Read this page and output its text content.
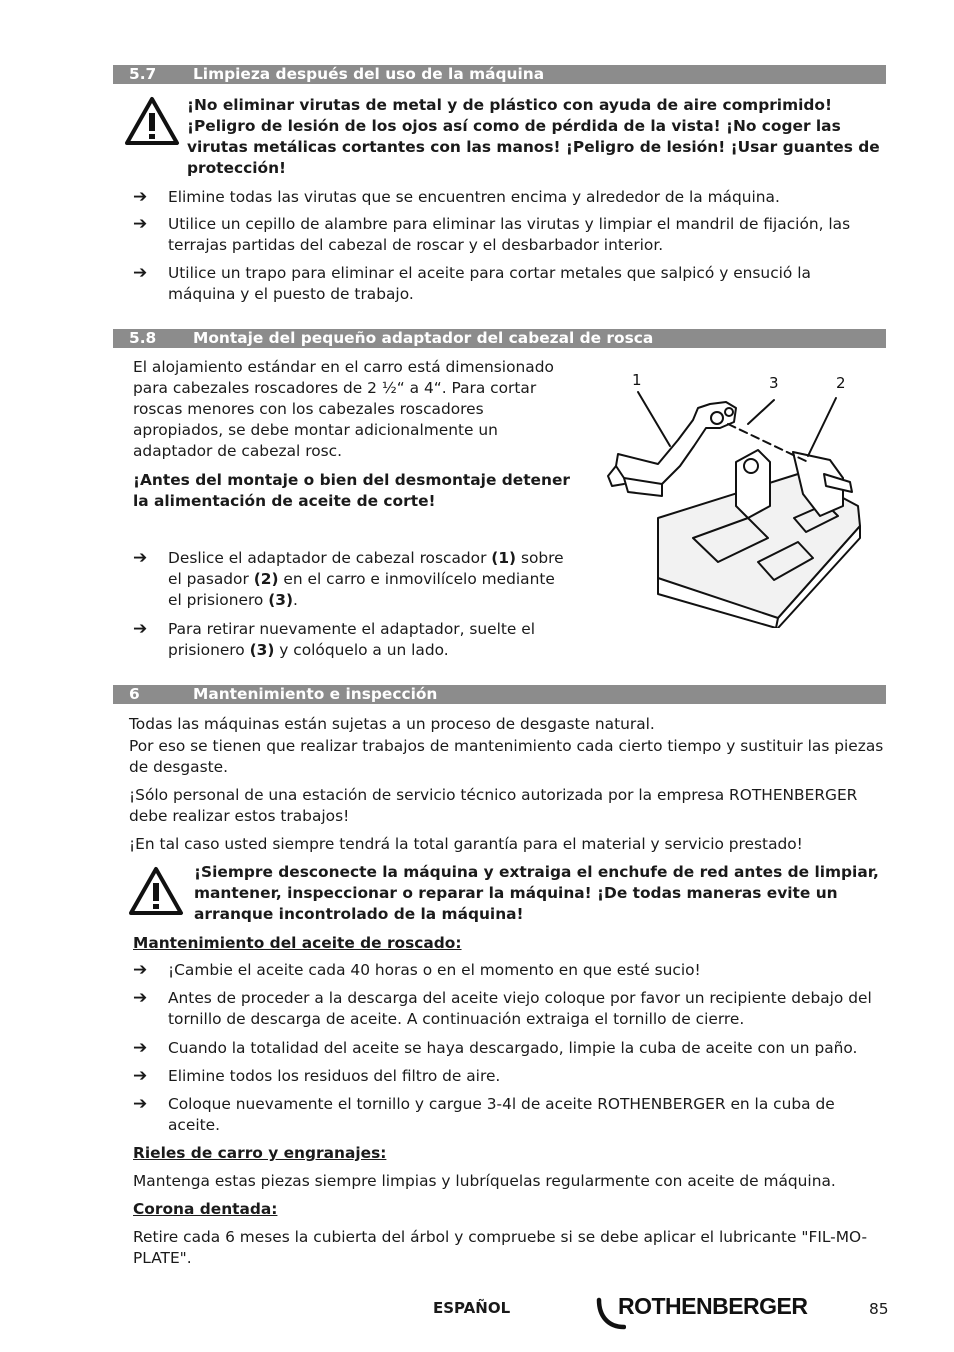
5.7 Limpieza después del uso de la máquina

¡No eliminar virutas de metal y de plástico con ayuda de aire comprimido! ¡Peligro de lesión de los ojos así como de pérdida de la vista! ¡No coger las virutas metálicas cortantes con las manos! ¡Peligro de lesión! ¡Usar guantes de protección!

➔ Elimine todas las virutas que se encuentren encima y alrededor de la máquina.
➔ Utilice un cepillo de alambre para eliminar las virutas y limpiar el mandril de fijación, las terrajas partidas del cabezal de roscar y el desbarbador interior.
➔ Utilice un trapo para eliminar el aceite para cortar metales que salpicó y ensució la máquina y el puesto de trabajo.
5.8 Montaje del pequeño adaptador del cabezal de rosca

El alojamiento estándar en el carro está dimensionado para cabezales roscadores de 2 ½“ a 4“. Para cortar roscas menores con los cabezales roscadores apropiados, se debe montar adicionalmente un adaptador de cabezal rosc.

¡Antes del montaje o bien del desmontaje detener la alimentación de aceite de corte!

➔ Deslice el adaptador de cabezal roscador (1) sobre el pasador (2) en el carro e inmovilícelo mediante el prisionero (3).
➔ Para retirar nuevamente el adaptador, suelte el prisionero (3) y colóquelo a un lado.
1	3	2
6	Mantenimiento e inspección

Todas las máquinas están sujetas a un proceso de desgaste natural.

Por eso se tienen que realizar trabajos de mantenimiento cada cierto tiempo y sustituir las piezas de desgaste.

¡Sólo personal de una estación de servicio técnico autorizada por la empresa ROTHENBERGER debe realizar estos trabajos!

¡En tal caso usted siempre tendrá la total garantía para el material y servicio prestado!

¡Siempre desconecte la máquina y extraiga el enchufe de red antes de limpiar, mantener, inspeccionar o reparar la máquina! ¡De todas maneras evite un arranque incontrolado de la máquina!

Mantenimiento del aceite de roscado:

➔ ¡Cambie el aceite cada 40 horas o en el momento en que esté sucio!
➔ Antes de proceder a la descarga del aceite viejo coloque por favor un recipiente debajo del tornillo de descarga de aceite. A continuación extraiga el tornillo de cierre.
➔ Cuando la totalidad del aceite se haya descargado, limpie la cuba de aceite con un paño.
➔ Elimine todos los residuos del filtro de aire.
➔ Coloque nuevamente el tornillo y cargue 3-4l de aceite ROTHENBERGER en la cuba de aceite.

Rieles de carro y engranajes:

Mantenga estas piezas siempre limpias y lubríquelas regularmente con aceite de máquina.

Corona dentada:

Retire cada 6 meses la cubierta del árbol y compruebe si se debe aplicar el lubricante "FIL-MO-PLATE".

ESPAÑOL	ROTHENBERGER	85
